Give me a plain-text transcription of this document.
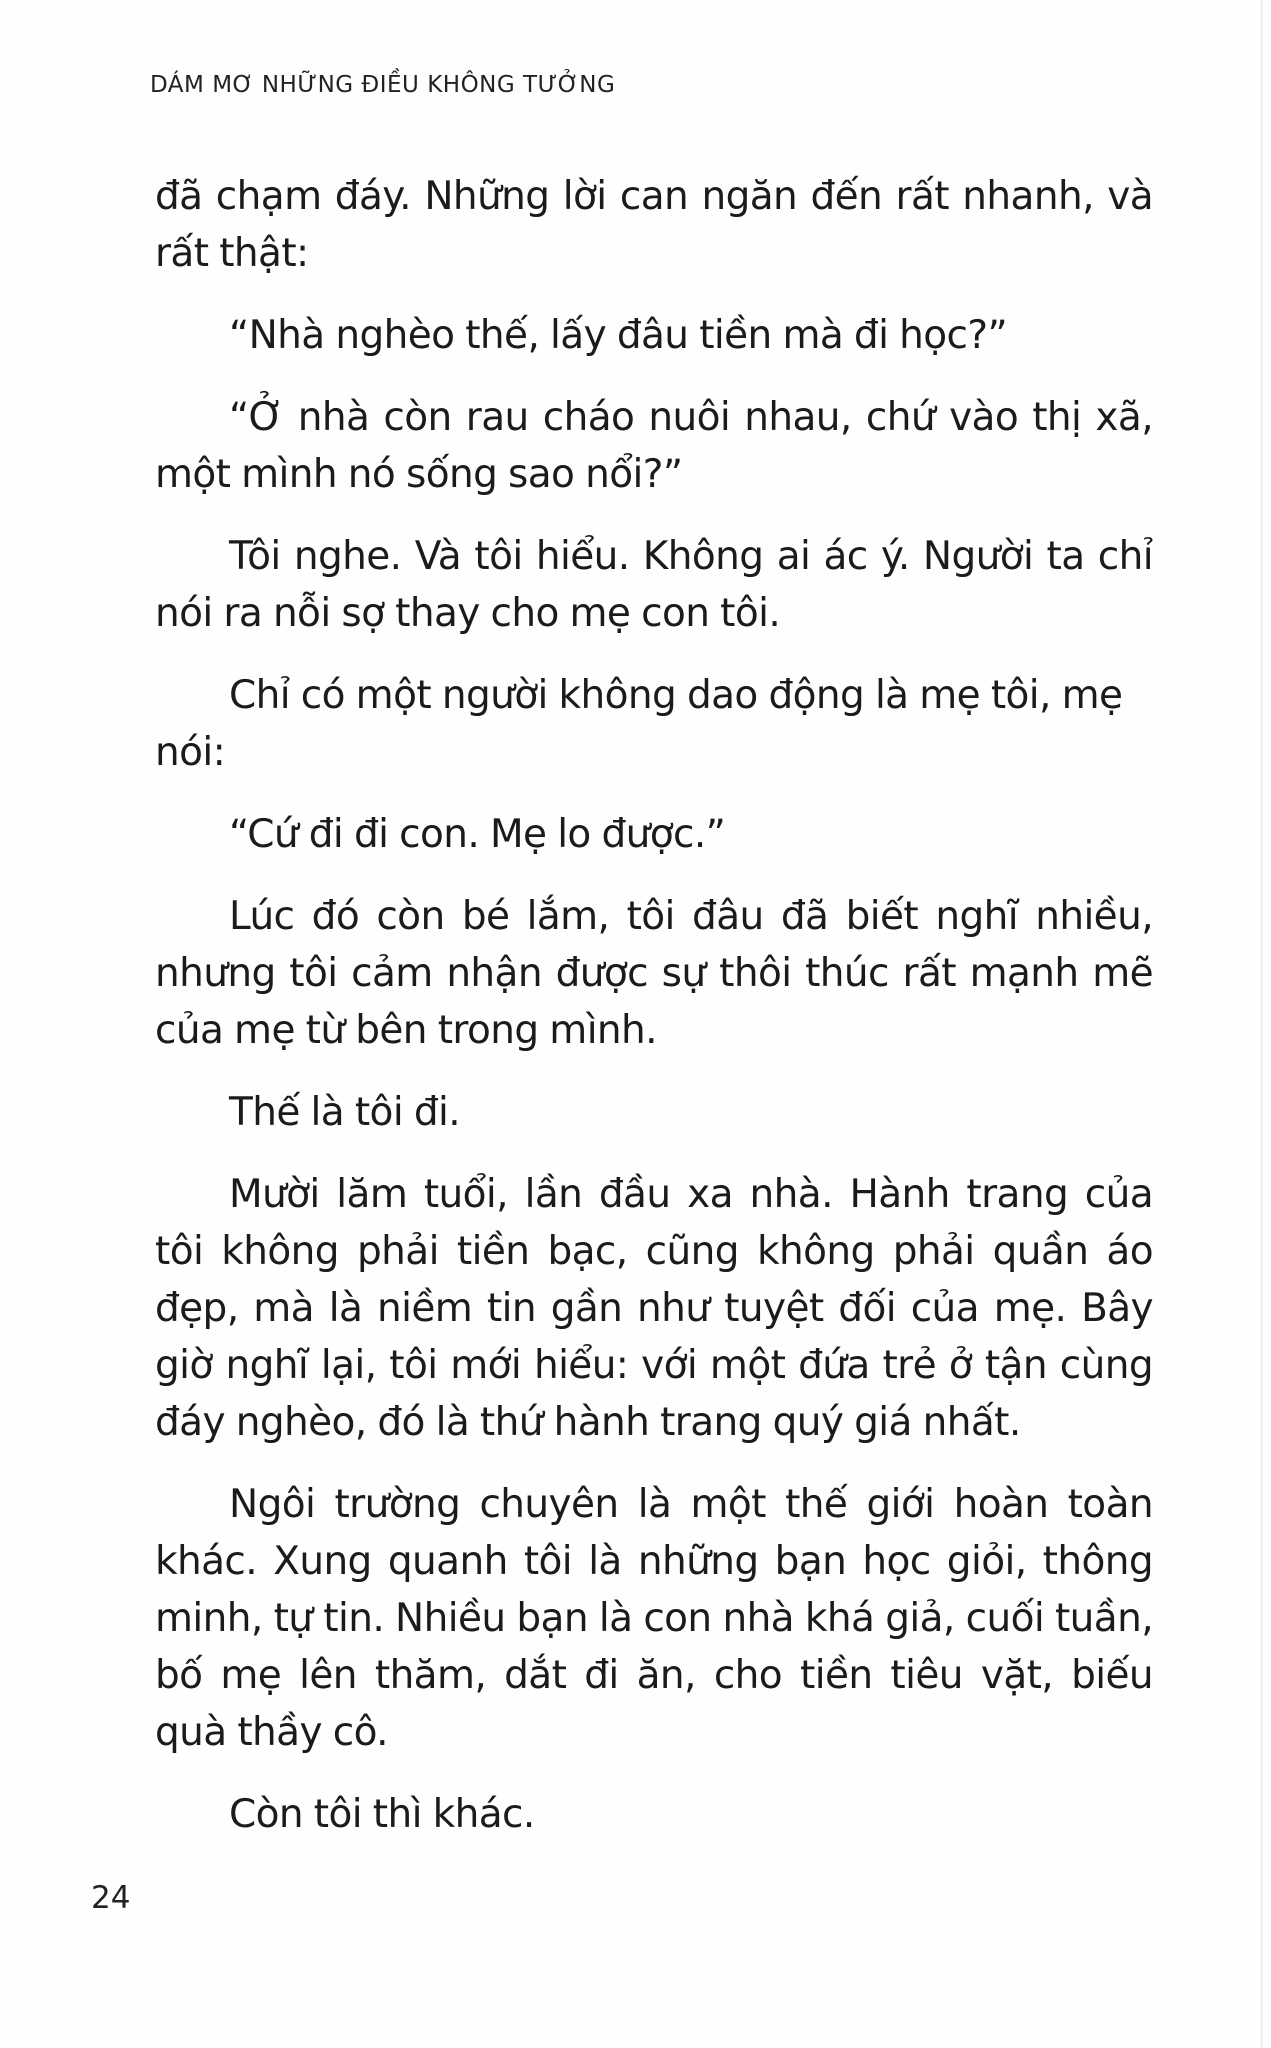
DÁM MƠ NHỮNG ĐIỀU KHÔNG TƯỞNG

đã chạm đáy. Những lời can ngăn đến rất nhanh, và rất thật:

“Nhà nghèo thế, lấy đâu tiền mà đi học?”

“Ở nhà còn rau cháo nuôi nhau, chứ vào thị xã, một mình nó sống sao nổi?”

Tôi nghe. Và tôi hiểu. Không ai ác ý. Người ta chỉ nói ra nỗi sợ thay cho mẹ con tôi.

Chỉ có một người không dao động là mẹ tôi, mẹ nói:

“Cứ đi đi con. Mẹ lo được.”

Lúc đó còn bé lắm, tôi đâu đã biết nghĩ nhiều, nhưng tôi cảm nhận được sự thôi thúc rất mạnh mẽ của mẹ từ bên trong mình.

Thế là tôi đi.

Mười lăm tuổi, lần đầu xa nhà. Hành trang của tôi không phải tiền bạc, cũng không phải quần áo đẹp, mà là niềm tin gần như tuyệt đối của mẹ. Bây giờ nghĩ lại, tôi mới hiểu: với một đứa trẻ ở tận cùng đáy nghèo, đó là thứ hành trang quý giá nhất.

Ngôi trường chuyên là một thế giới hoàn toàn khác. Xung quanh tôi là những bạn học giỏi, thông minh, tự tin. Nhiều bạn là con nhà khá giả, cuối tuần, bố mẹ lên thăm, dắt đi ăn, cho tiền tiêu vặt, biếu quà thầy cô.

Còn tôi thì khác.

24
